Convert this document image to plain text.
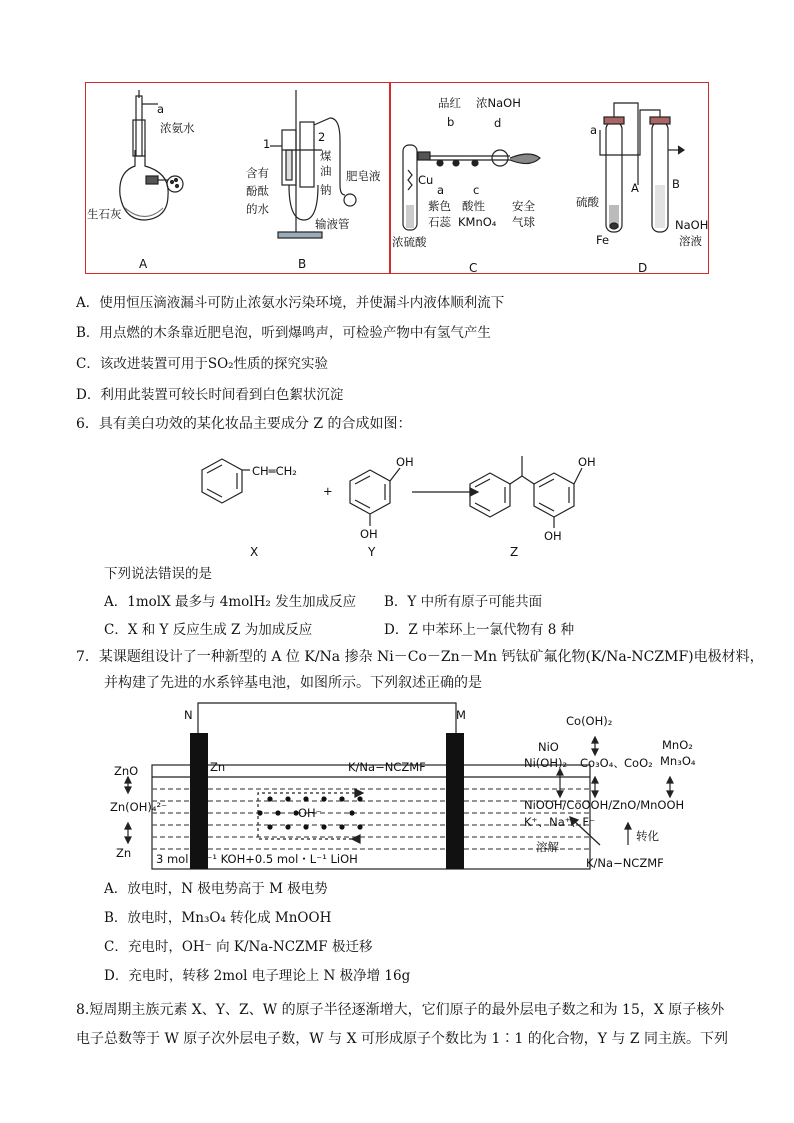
a
浓氨水
生石灰
A
1	2
煤
油
钠
含有
酚酞
的水
输液管
肥皂液
B
品红
b
浓NaOH
d
Cu
a	c
紫色
石蕊
酸性
KMnO₄
安全
气球
浓硫酸
C
a
A	B
硫酸
Fe
NaOH
溶液
D
A．使用恒压滴液漏斗可防止浓氨水污染环境，并使漏斗内液体顺利流下
B．用点燃的木条靠近肥皂泡，听到爆鸣声，可检验产物中有氢气产生
C．该改进装置可用于SO₂性质的探究实验
D．利用此装置可较长时间看到白色絮状沉淀
6．具有美白功效的某化妆品主要成分 Z 的合成如图：
CH═CH₂
+
OH
OH
OH
OH
X	Y	Z
下列说法错误的是
A．1molX 最多与 4molH₂ 发生加成反应 B．Y 中所有原子可能共面
C．X 和 Y 反应生成 Z 为加成反应	D．Z 中苯环上一氯代物有 8 种
7．某课题组设计了一种新型的 A 位 K/Na 掺杂 Ni－Co－Zn－Mn 钙钛矿氟化物(K/Na-NCZMF)电极材料，
并构建了先进的水系锌基电池，如图所示。下列叙述正确的是
N	M
Zn	K/Na−NCZMF
ZnO
Zn(OH)₄²⁻
Zn
OH⁻
3 mol・L⁻¹ KOH+0.5 mol・L⁻¹ LiOH
Co(OH)₂
NiO
Ni(OH)₂ Co₃O₄、 CoO₂
MnO₂
Mn₃O₄
NiOOH/CoOOH/ZnO/MnOOH
K⁺、Na⁺、F⁻
转化
溶解
K/Na−NCZMF
A．放电时，N 极电势高于 M 极电势
B．放电时，Mn₃O₄ 转化成 MnOOH
C．充电时，OH⁻ 向 K/Na-NCZMF 极迁移
D．充电时，转移 2mol 电子理论上 N 极净增 16g
8.短周期主族元素 X、Y、Z、W 的原子半径逐渐增大，它们原子的最外层电子数之和为 15，X 原子核外
电子总数等于 W 原子次外层电子数，W 与 X 可形成原子个数比为 1∶1 的化合物，Y 与 Z 同主族。下列
